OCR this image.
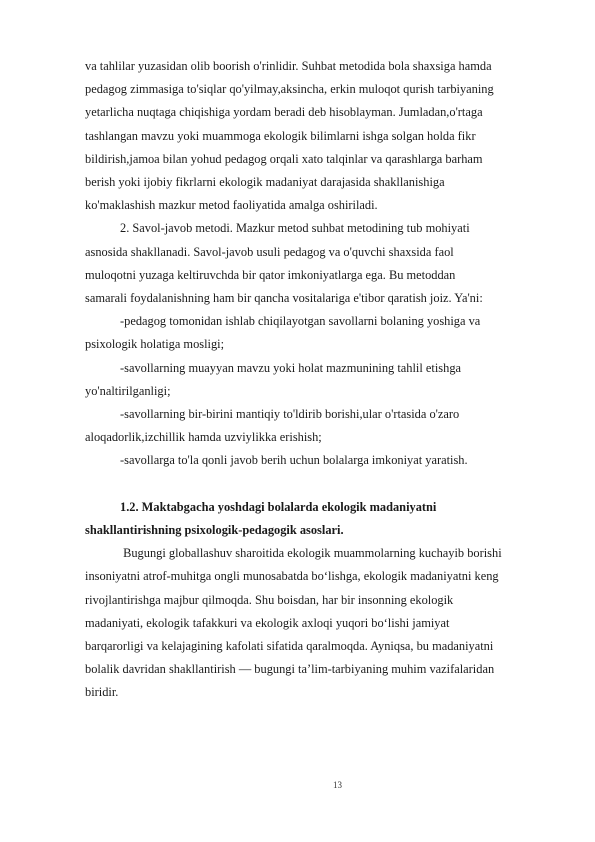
va tahlilar yuzasidan olib boorish o'rinlidir. Suhbat metodida bola shaxsiga hamda
pedagog zimmasiga to'siqlar qo'yilmay,aksincha, erkin muloqot qurish tarbiyaning
yetarlicha nuqtaga chiqishiga yordam beradi deb hisoblayman. Jumladan,o'rtaga
tashlangan mavzu yoki muammoga ekologik bilimlarni ishga solgan holda fikr
bildirish,jamoa bilan yohud pedagog orqali xato talqinlar va qarashlarga barham
berish yoki ijobiy fikrlarni ekologik madaniyat darajasida shakllanishiga
ko'maklashish mazkur metod faoliyatida amalga oshiriladi.
2. Savol-javob metodi. Mazkur metod suhbat metodining tub mohiyati
asnosida shakllanadi. Savol-javob usuli pedagog va o'quvchi shaxsida faol
muloqotni yuzaga keltiruvchda bir qator imkoniyatlarga ega. Bu metoddan
samarali foydalanishning ham bir qancha vositalariga e'tibor qaratish joiz. Ya'ni:
-pedagog tomonidan ishlab chiqilayotgan savollarni bolaning yoshiga va
psixologik holatiga mosligi;
-savollarning muayyan mavzu yoki holat mazmunining tahlil etishga
yo'naltirilganligi;
-savollarning bir-birini mantiqiy to'ldirib borishi,ular o'rtasida o'zaro
aloqadorlik,izchillik hamda uzviylikka erishish;
-savollarga to'la qonli javob berih uchun bolalarga imkoniyat yaratish.
1.2. Maktabgacha yoshdagi bolalarda ekologik madaniyatni
shakllantirishning psixologik-pedagogik asoslari.
Bugungi globallashuv sharoitida ekologik muammolarning kuchayib borishi
insoniyatni atrof-muhitga ongli munosabatda bo‘lishga, ekologik madaniyatni keng
rivojlantirishga majbur qilmoqda. Shu boisdan, har bir insonning ekologik
madaniyati, ekologik tafakkuri va ekologik axloqi yuqori bo‘lishi jamiyat
barqarorligi va kelajagining kafolati sifatida qaralmoqda. Ayniqsa, bu madaniyatni
bolalik davridan shakllantirish — bugungi ta’lim-tarbiyaning muhim vazifalaridan
biridir.
13
